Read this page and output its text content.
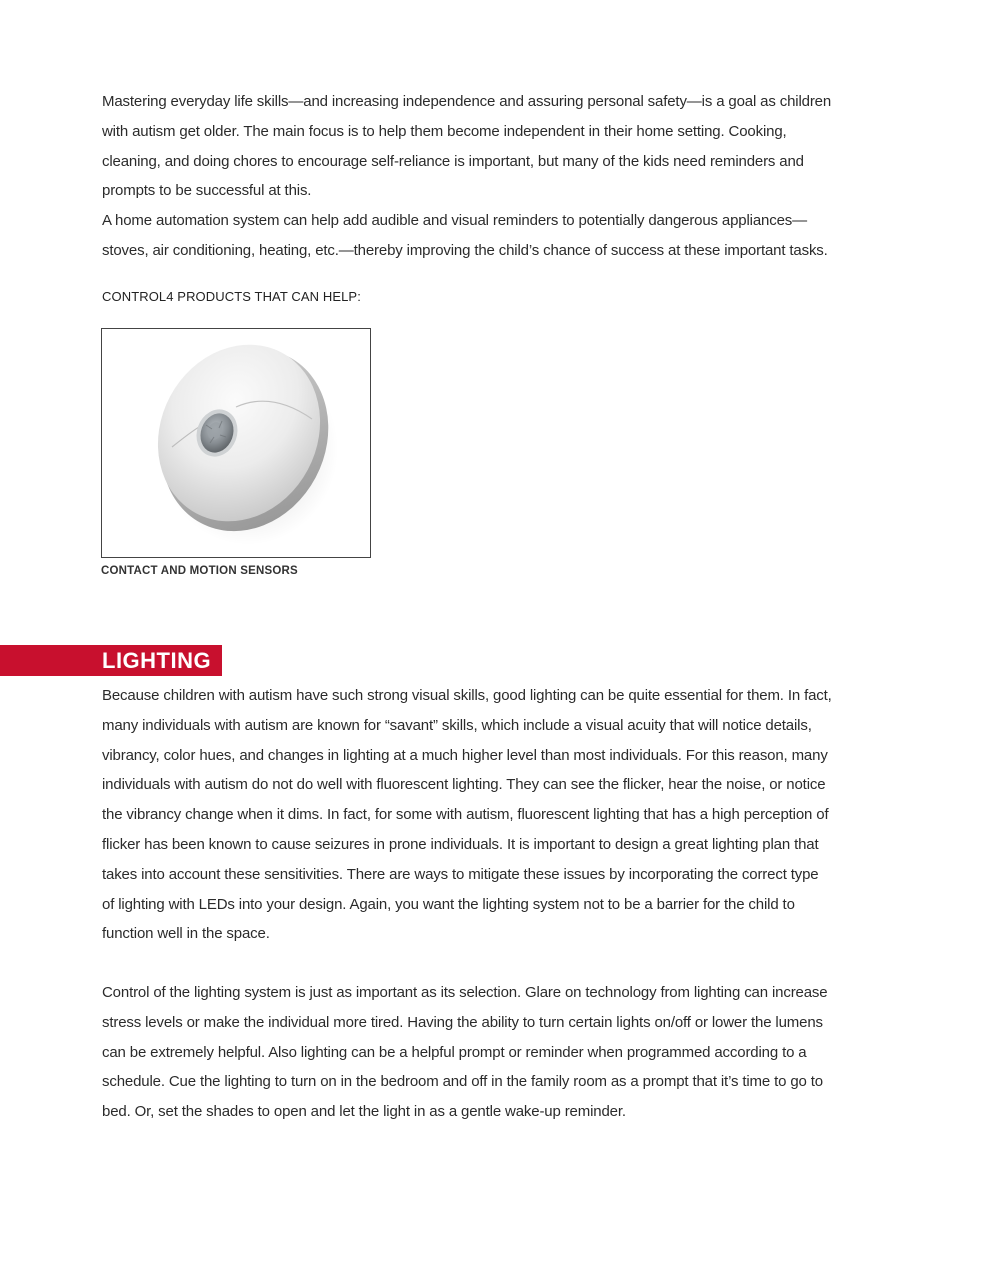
Mastering everyday life skills—and increasing independence and assuring personal safety—is a goal as children
with autism get older. The main focus is to help them become independent in their home setting. Cooking,
cleaning, and doing chores to encourage self-reliance is important, but many of the kids need reminders and
prompts to be successful at this.
A home automation system can help add audible and visual reminders to potentially dangerous appliances—
stoves, air conditioning, heating, etc.—thereby improving the child’s chance of success at these important tasks.

CONTROL4 PRODUCTS THAT CAN HELP:

CONTACT AND MOTION SENSORS

LIGHTING
Because children with autism have such strong visual skills, good lighting can be quite essential for them. In fact,
many individuals with autism are known for “savant” skills, which include a visual acuity that will notice details,
vibrancy, color hues, and changes in lighting at a much higher level than most individuals. For this reason, many
individuals with autism do not do well with fluorescent lighting. They can see the flicker, hear the noise, or notice
the vibrancy change when it dims. In fact, for some with autism, fluorescent lighting that has a high perception of
flicker has been known to cause seizures in prone individuals. It is important to design a great lighting plan that
takes into account these sensitivities. There are ways to mitigate these issues by incorporating the correct type
of lighting with LEDs into your design. Again, you want the lighting system not to be a barrier for the child to
function well in the space.
Control of the lighting system is just as important as its selection. Glare on technology from lighting can increase
stress levels or make the individual more tired. Having the ability to turn certain lights on/off or lower the lumens
can be extremely helpful. Also lighting can be a helpful prompt or reminder when programmed according to a
schedule. Cue the lighting to turn on in the bedroom and off in the family room as a prompt that it’s time to go to
bed. Or, set the shades to open and let the light in as a gentle wake-up reminder.
